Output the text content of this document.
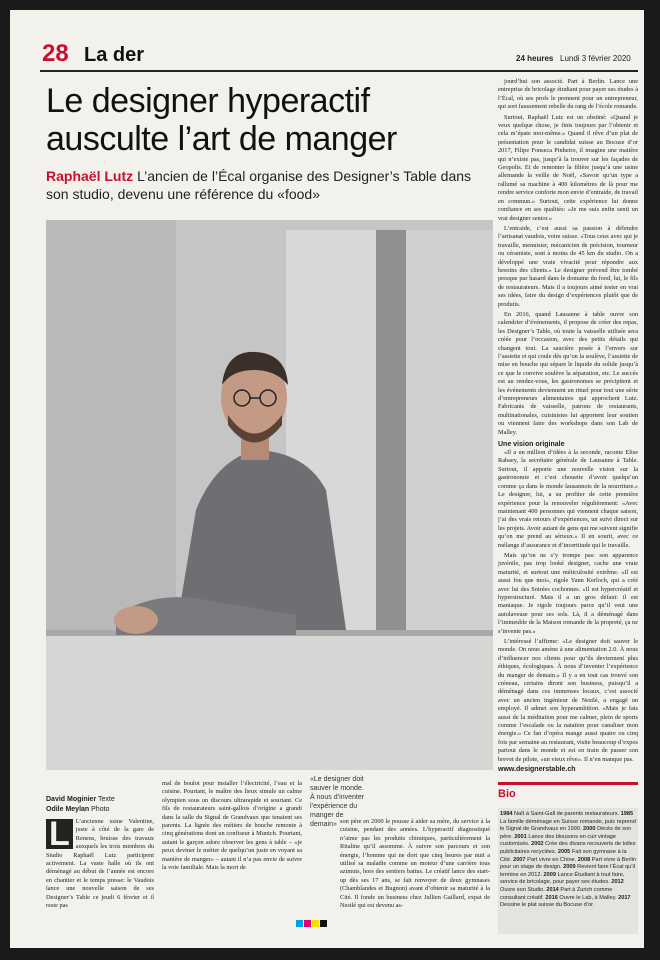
28 La der	24 heures Lundi 3 février 2020
Le designer hyperactif ausculte l’art de manger
Raphaël Lutz L’ancien de l’Écal organise des Designer’s Table dans son studio, devenu une référence du «food»
David Moginier Texte
Odile Meylan Photo
«Le designer doit sauver le monde. À nous d’inventer l’expérience du manger de demain»
L L’ancienne usine Valentine, juste à côté de la gare de Renens, bruisse des travaux auxquels les trois membres du Studio Raphaël Lutz participent activement. La vaste halle où ils ont déménagé au début de l’année est encore en chantier et le temps presse: le Vaudois lance une nouvelle saison de ses Designer’s Table ce jeudi 6 février et il reste pas
mal de boulot pour installer l’électricité, l’eau et la cuisine. Pourtant, le maître des lieux simule un calme olympien sous un discours ultrarapide et souriant. Ce fils de restaurateurs saint-gallois d’origine a grandi dans la salle du Signal de Grandvaux que tenaient ses parents. La lignée des métiers de bouche remonte à cinq générations dont un confiseur à Munich. Pourtant, autant le garçon adore observer les gens à table – «je peux deviner le métier de quelqu’un juste en voyant sa manière de manger» – autant il n’a pas envie de suivre la voie familiale. Mais la mort de
son père en 2000 le pousse à aider sa mère, du service à la cuisine, pendant des années. L’hyperactif diagnostiqué n’aime pas les produits chimiques, particulièrement la Ritaline qu’il assomme. À suivre son parcours et son énergie, l’homme qui ne dort que cinq heures par nuit a utilisé sa maladie comme un moteur d’une carrière tous azimuts, hors des sentiers battus. Le créatif lance des start-up dès ses 17 ans, se fait renvoyer de deux gymnases (Chamblandes et Bugnon) avant d’obtenir sa maturité à la Cité. Il fonde un business chez Jullien Gaillard, expat de Nestlé qui est devenu as-

jourd’hui son associé. Part à Berlin. Lance une entreprise de bricolage étudiant pour payer ses études à l’Écal, où ses profs le prennent pour un entrepreneur, qui sort faussement rebelle du rang de l’école romande.

Surtout, Raphaël Lutz est un obstiné: «Quand je veux quelque chose, je finis toujours par l’obtenir et cela m’épate moi-même.» Quand il rêve d’un plat de présentation pour le candidat suisse au Bocuse d’or 2017, Filipe Fonseca Pinheiro, il imagine une matière qui n’existe pas, jusqu’à la trouver sur les façades de Geopolis. Et de remonter la filière jusqu’à une usine allemande la veille de Noël, «Savoir qu’un type a rallumé sa machine à 400 kilomètres de là pour me rendre service conforte mon envie d’entraide, de travail en commun.» Surtout, cette expérience lui donne confiance en ses qualités: «Je me suis enfin senti un vrai designer senior.»

L’entraide, c’est aussi sa passion à défendre l’artisanat vaudois, voire suisse. «Tous ceux avec qui je travaille, menuisier, mécanicien de précision, tourneur ou céramiste, sont à moins de 45 km du studio. On a développé une vraie vivacité pour répondre aux besoins des clients.» Le designer prévend être tombé presque par hasard dans le domaine du food, lui, le fils de restaurateurs. Mais il a toujours aimé tester en vrai ses idées, faire du design d’expériences plutôt que de produits.

En 2016, quand Lausanne à table ouvre son calendrier d’événements, il propose de créer des repas, les Designer’s Table, où toute la vaisselle utilisée sera créée pour l’occasion, avec des petits détails qui changent tout. La saucière posée à l’envers sur l’assiette et qui coule dès qu’on la soulève, l’assiette de mise en bouche qui sépare le liquide du solide jusqu’à ce que le convive soulève la séparation, etc. Le succès est au rendez-vous, les gastronomes se précipitent et les événements deviennent un rituel pour tout une série d’entrepreneurs alimentaires qui approchent Lutz. Fabricants de vaisselle, patrons de restaurants, multinationales, cuisinistes lui apportent leur soutien ou viennent faire des workshops dans son Lab de Malley.

Une vision originale

«Il a un million d’idées à la seconde, raconte Elise Rabaey, la secrétaire générale de Lausanne à Table. Surtout, il apporte une nouvelle vision sur la gastronomie et c’est chouette d’avoir quelqu’un comme ça dans le monde lausannois de la nourriture.» Le designer, lui, a su profiter de cette première expérience pour la renouveler régulièrement: «Avec maintenant 400 personnes qui viennent chaque saison, j’ai des vrais retours d’expériences, un suivi direct sur les projets. Avoir autant de gens qui me suivent signifie qu’on me prend au sérieux.» Il en sourit, avec ce mélange d’assurance et d’incertitude qui le travaille.

Mais qu’on ne s’y trompe pas: son apparence juvénile, pas trop looké designer, cache une vraie maturité, et surtout une méticulosité extrême. «Il est aussi fou que moi», rigole Yann Kerloch, qui a créé avec lui des Soirées cochonnes. «Il est hypercréatif et hyperstructuré. Mais il a un gros défaut: il est maniaque. Je rigole toujours parce qu’il veut une autolaveuse pour ses sols. Là, il a déménagé dans l’immeuble de la Maison romande de la propreté, ça ne s’invente pas.»

L’intéressé l’affirme: «Le designer doit sauver le monde. On nous amène à une alimentation 2.0. À nous d’influencer nos clients pour qu’ils deviennent plus éthiques, écologiques. À nous d’inventer l’expérience du manger de demain.» Il y a en tout cas trouvé son créneau, certains diront son business, puisqu’il a déménagé dans ces immenses locaux, c’est associé avec un ancien ingénieur de Nestlé, a engagé un employé. Il admet son hyperambition. «Mais je fais aussi de la méditation pour me calmer, plein de sports comme l’escalade ou la natation pour canaliser mon énergie.» Ce fan d’opéra mange aussi quatre ou cinq fois par semaine au restaurant, visite beaucoup d’expos partout dans le monde et est en train de passer son brevet de pilote, «un vieux rêve». Il n’en manque pas.

www.designerstable.ch
Bio
1984 Naît à Saint-Gall de parents restaurateurs. 1985 La famille déménage en Suisse romande, puis reprend le Signal de Grandvaux en 1990. 2000 Décès de son père. 2001 Lance des blousons en cuir vintage customisés. 2002 Crée des divans recouverts de toiles publicitaires recyclées. 2005 Fait son gymnase à la Cité. 2007 Part vivre en Chine. 2008 Part vivre à Berlin pour un stage de design. 2009 Revient faire l’Écal qu’il termine en 2012. 2009 Lance Étudiant à tout faire, service de bricolage, pour payer ses études. 2012 Ouvre son Studio. 2014 Part à Zurich comme consultant créatif. 2016 Ouvre le Lab, à Malley. 2017 Dessine le plat suisse du Bocuse d’or.
